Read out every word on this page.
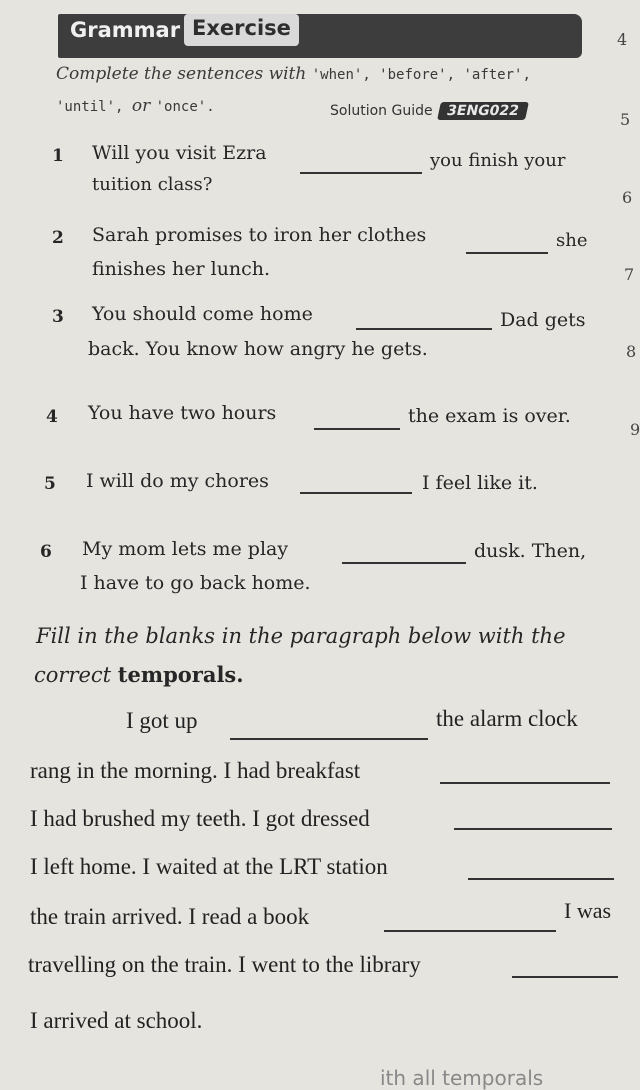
Grammar Exercise	4
5
6
7
8
9
Complete the sentences with 'when', 'before', 'after',
'until', or 'once'.	Solution Guide 3ENG022
1 Will you visit Ezra	you finish your
tuition class?
2 Sarah promises to iron her clothes	she
finishes her lunch.
3 You should come home	Dad gets
back. You know how angry he gets.
4 You have two hours	the exam is over.
5 I will do my chores	I feel like it.
6 My mom lets me play	dusk. Then,
I have to go back home.
Fill in the blanks in the paragraph below with the
correct temporals.
I got up	the alarm clock
rang in the morning. I had breakfast
I had brushed my teeth. I got dressed
I left home. I waited at the LRT station
the train arrived. I read a book	I was
travelling on the train. I went to the library
I arrived at school.
ith all temporals
